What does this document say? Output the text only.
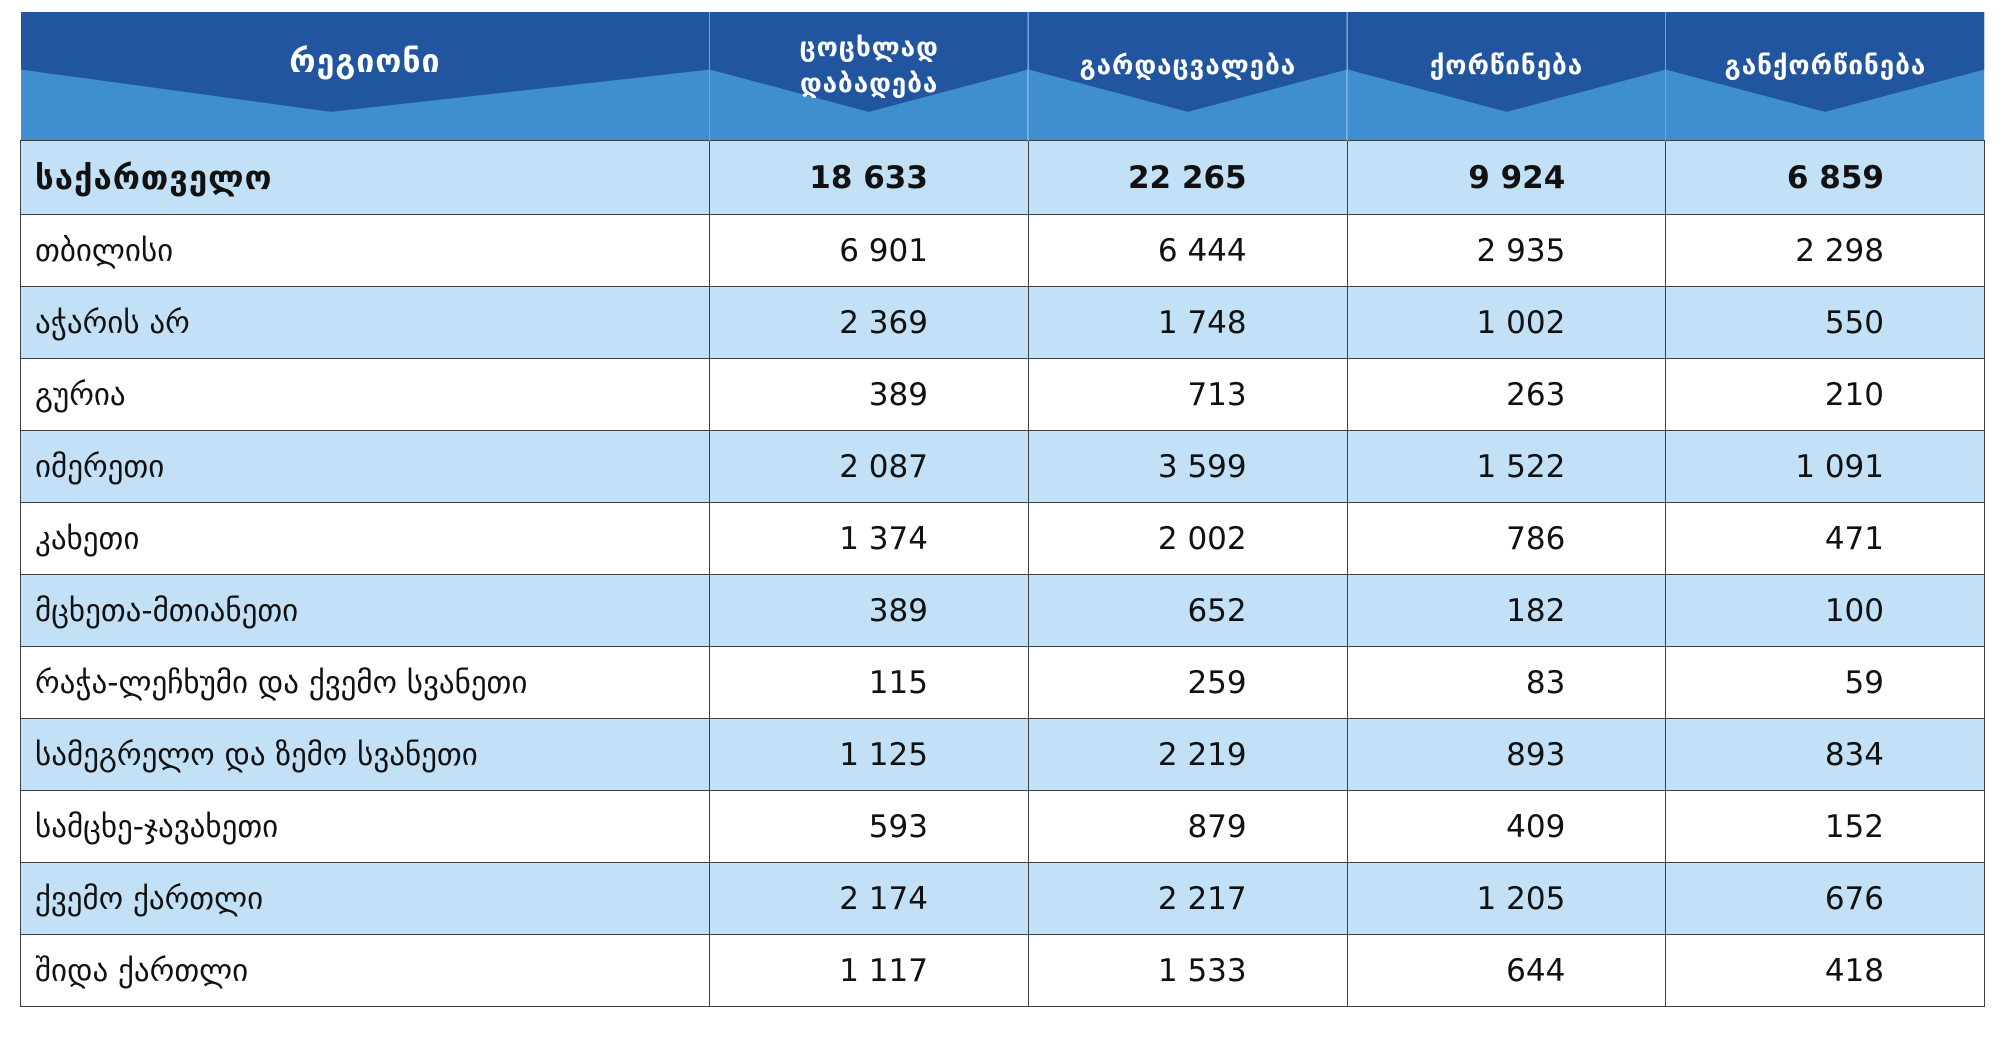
რეგიონი	ცოცხლად დაბადება	გარდაცვალება	ქორწინება	განქორწინება

საქართველო	18 633	22 265	9 924	6 859
თბილისი	6 901	6 444	2 935	2 298
აჭარის არ	2 369	1 748	1 002	550
გურია	389	713	263	210
იმერეთი	2 087	3 599	1 522	1 091
კახეთი	1 374	2 002	786	471
მცხეთა-მთიანეთი	389	652	182	100
რაჭა-ლეჩხუმი და ქვემო სვანეთი	115	259	83	59
სამეგრელო და ზემო სვანეთი	1 125	2 219	893	834
სამცხე-ჯავახეთი	593	879	409	152
ქვემო ქართლი	2 174	2 217	1 205	676
შიდა ქართლი	1 117	1 533	644	418
